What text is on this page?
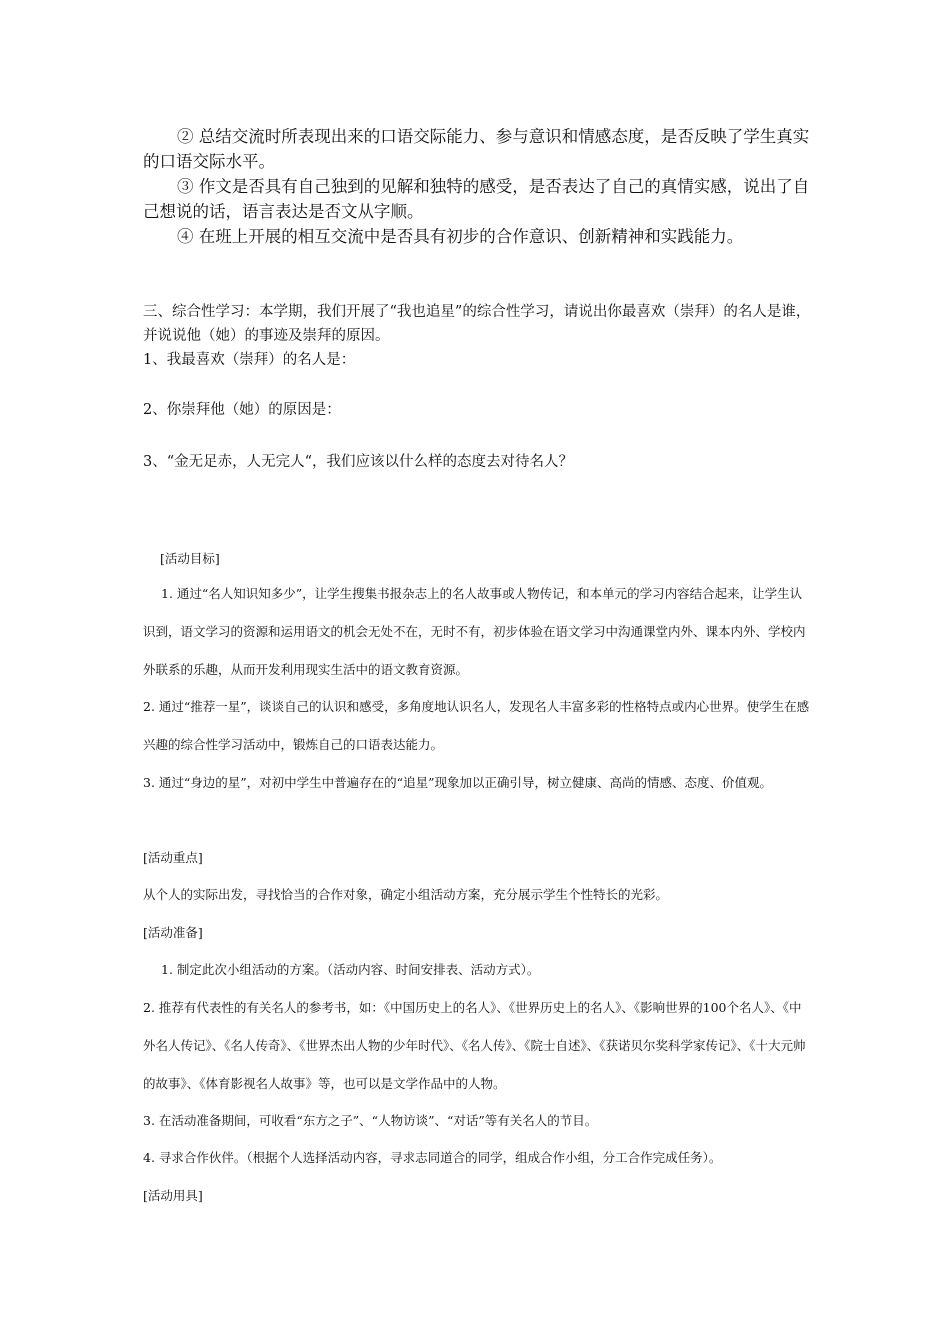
② 总结交流时所表现出来的口语交际能力、参与意识和情感态度，是否反映了学生真实的口语交际水平。

③ 作文是否具有自己独到的见解和独特的感受，是否表达了自己的真情实感，说出了自己想说的话，语言表达是否文从字顺。

④ 在班上开展的相互交流中是否具有初步的合作意识、创新精神和实践能力。

三、综合性学习：本学期，我们开展了“我也追星”的综合性学习，请说出你最喜欢（崇拜）的名人是谁，并说说他（她）的事迹及崇拜的原因。

1、我最喜欢（崇拜）的名人是：

2、你崇拜他（她）的原因是：

3、“金无足赤，人无完人“，我们应该以什么样的态度去对待名人？

[活动目标]

1. 通过“名人知识知多少”，让学生搜集书报杂志上的名人故事或人物传记，和本单元的学习内容结合起来，让学生认识到，语文学习的资源和运用语文的机会无处不在，无时不有，初步体验在语文学习中沟通课堂内外、课本内外、学校内外联系的乐趣，从而开发利用现实生活中的语文教育资源。

2. 通过“推荐一星”，谈谈自己的认识和感受，多角度地认识名人，发现名人丰富多彩的性格特点或内心世界。使学生在感兴趣的综合性学习活动中，锻炼自己的口语表达能力。

3. 通过“身边的星”，对初中学生中普遍存在的“追星”现象加以正确引导，树立健康、高尚的情感、态度、价值观。

[活动重点]

从个人的实际出发，寻找恰当的合作对象，确定小组活动方案，充分展示学生个性特长的光彩。

[活动准备]

1. 制定此次小组活动的方案。（活动内容、时间安排表、活动方式）。

2. 推荐有代表性的有关名人的参考书，如：《中国历史上的名人》、《世界历史上的名人》、《影响世界的100个名人》、《中外名人传记》、《名人传奇》、《世界杰出人物的少年时代》、《名人传》、《院士自述》、《获诺贝尔奖科学家传记》、《十大元帅的故事》、《体育影视名人故事》等，也可以是文学作品中的人物。

3. 在活动准备期间，可收看“东方之子”、“人物访谈”、“对话”等有关名人的节目。

4. 寻求合作伙伴。（根据个人选择活动内容，寻求志同道合的同学，组成合作小组，分工合作完成任务）。

[活动用具]
